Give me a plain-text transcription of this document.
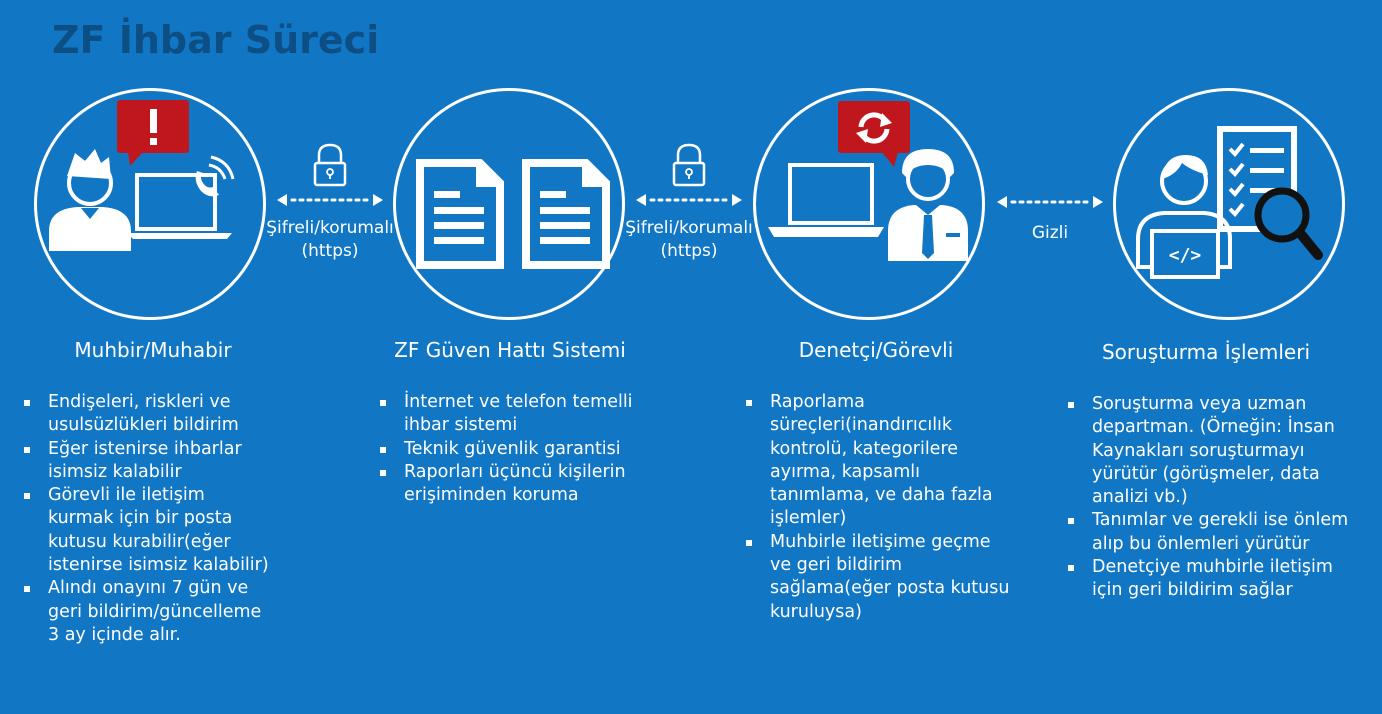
ZF İhbar Süreci
</>
Şifreli/korumalı
(https)
Şifreli/korumalı
(https)
Gizli
Muhbir/Muhabir	ZF Güven Hattı Sistemi	Denetçi/Görevli	Soruşturma İşlemleri
Endişeleri, riskleri ve usulsüzlükleri bildirim
Eğer istenirse ihbarlar isimsiz kalabilir
Görevli ile iletişim kurmak için bir posta kutusu kurabilir(eğer istenirse isimsiz kalabilir)
Alındı onayını 7 gün ve geri bildirim/güncelleme 3 ay içinde alır.
İnternet ve telefon temelli ihbar sistemi
Teknik güvenlik garantisi
Raporları üçüncü kişilerin erişiminden koruma
Raporlama süreçleri(inandırıcılık kontrolü, kategorilere ayırma, kapsamlı tanımlama, ve daha fazla işlemler)
Muhbirle iletişime geçme ve geri bildirim sağlama(eğer posta kutusu kuruluysa)
Soruşturma veya uzman departman. (Örneğin: İnsan Kaynakları soruşturmayı yürütür (görüşmeler, data analizi vb.)
Tanımlar ve gerekli ise önlem alıp bu önlemleri yürütür
Denetçiye muhbirle iletişim için geri bildirim sağlar
